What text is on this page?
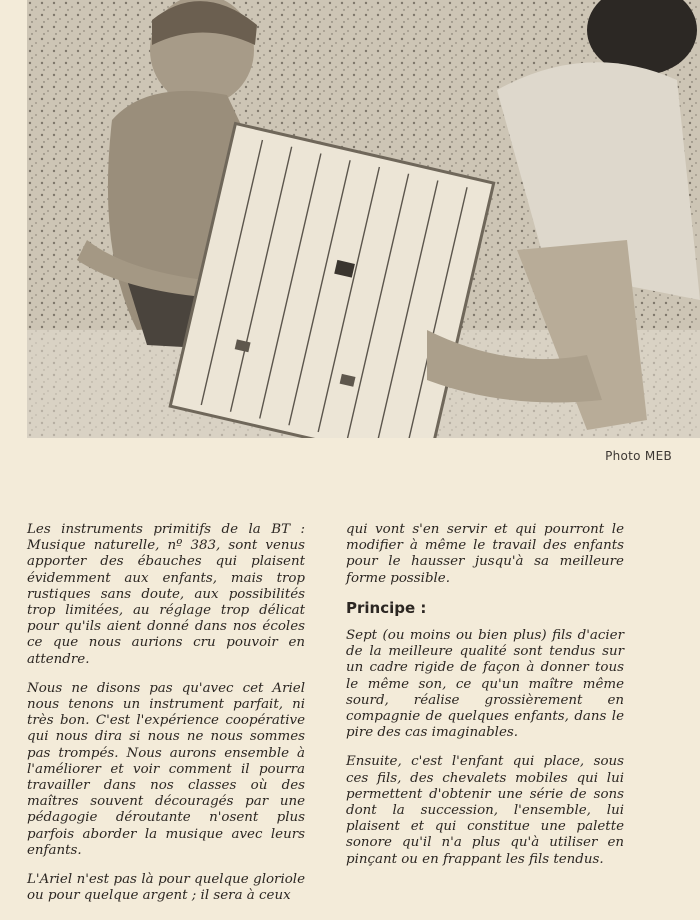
Photo MEB

Les instruments primitifs de la BT : Musique naturelle, nº 383, sont venus apporter des ébauches qui plaisent évidemment aux enfants, mais trop rustiques sans doute, aux possibilités trop limitées, au réglage trop délicat pour qu'ils aient donné dans nos écoles ce que nous aurions cru pouvoir en attendre.

Nous ne disons pas qu'avec cet Ariel nous tenons un instrument parfait, ni très bon. C'est l'expérience coopérative qui nous dira si nous ne nous sommes pas trompés. Nous aurons ensemble à l'améliorer et voir comment il pourra travailler dans nos classes où des maîtres souvent découragés par une pédagogie déroutante n'osent plus parfois aborder la musique avec leurs enfants.

L'Ariel n'est pas là pour quelque gloriole ou pour quelque argent ; il sera à ceux

qui vont s'en servir et qui pourront le modifier à même le travail des enfants pour le hausser jusqu'à sa meilleure forme possible.

Principe :

Sept (ou moins ou bien plus) fils d'acier de la meilleure qualité sont tendus sur un cadre rigide de façon à donner tous le même son, ce qu'un maître même sourd, réalise grossièrement en compagnie de quelques enfants, dans le pire des cas imaginables.

Ensuite, c'est l'enfant qui place, sous ces fils, des chevalets mobiles qui lui permettent d'obtenir une série de sons dont la succession, l'ensemble, lui plaisent et qui constitue une palette sonore qu'il n'a plus qu'à utiliser en pinçant ou en frappant les fils tendus.
